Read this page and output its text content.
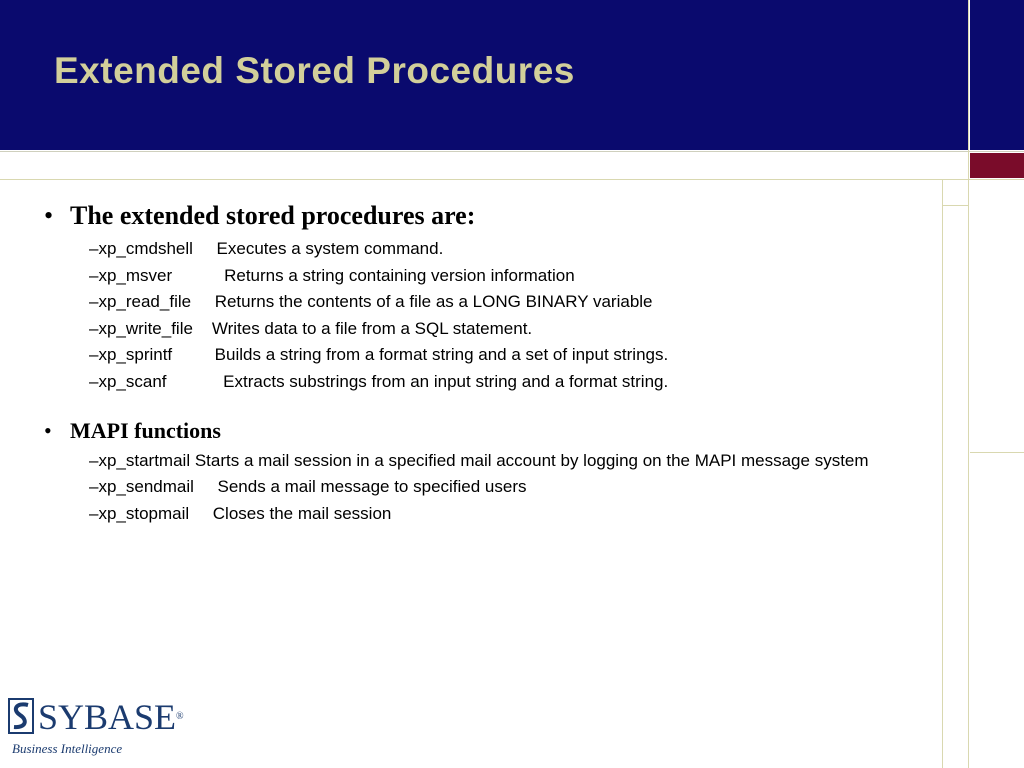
Extended Stored Procedures
• The extended stored procedures are:
–xp_cmdshell     Executes a system command.
–xp_msver           Returns a string containing version information
–xp_read_file     Returns the contents of a file as a LONG BINARY variable
–xp_write_file    Writes data to a file from a SQL statement.
–xp_sprintf         Builds a string from a format string and a set of input strings.
–xp_scanf            Extracts substrings from an input string and a format string.
• MAPI functions
–xp_startmail Starts a mail session in a specified mail account by logging on the MAPI message system
–xp_sendmail     Sends a mail message to specified users
–xp_stopmail     Closes the mail session
SYBASE®
Business Intelligence
